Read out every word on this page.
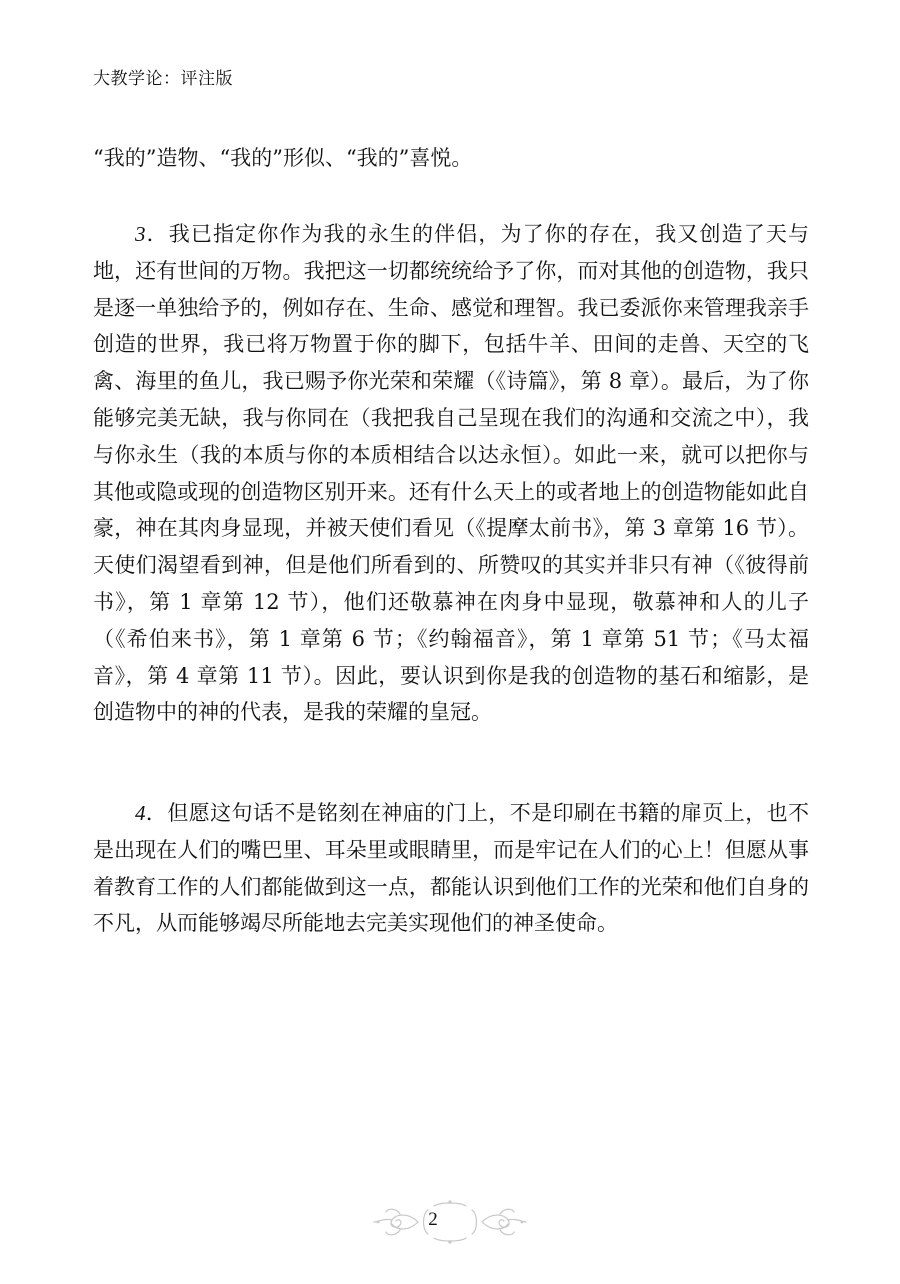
大教学论：评注版
“我的”造物、“我的”形似、“我的”喜悦。
3．我已指定你作为我的永生的伴侣，为了你的存在，我又创造了天与地，还有世间的万物。我把这一切都统统给予了你，而对其他的创造物，我只是逐一单独给予的，例如存在、生命、感觉和理智。我已委派你来管理我亲手创造的世界，我已将万物置于你的脚下，包括牛羊、田间的走兽、天空的飞禽、海里的鱼儿，我已赐予你光荣和荣耀（《诗篇》，第 8 章）。最后，为了你能够完美无缺，我与你同在（我把我自己呈现在我们的沟通和交流之中），我与你永生（我的本质与你的本质相结合以达永恒）。如此一来，就可以把你与其他或隐或现的创造物区别开来。还有什么天上的或者地上的创造物能如此自豪，神在其肉身显现，并被天使们看见（《提摩太前书》，第 3 章第 16 节）。天使们渴望看到神，但是他们所看到的、所赞叹的其实并非只有神（《彼得前书》，第 1 章第 12 节），他们还敬慕神在肉身中显现，敬慕神和人的儿子（《希伯来书》，第 1 章第 6 节；《约翰福音》，第 1 章第 51 节；《马太福音》，第 4 章第 11 节）。因此，要认识到你是我的创造物的基石和缩影，是创造物中的神的代表，是我的荣耀的皇冠。
4．但愿这句话不是铭刻在神庙的门上，不是印刷在书籍的扉页上，也不是出现在人们的嘴巴里、耳朵里或眼睛里，而是牢记在人们的心上！但愿从事着教育工作的人们都能做到这一点，都能认识到他们工作的光荣和他们自身的不凡，从而能够竭尽所能地去完美实现他们的神圣使命。
2
